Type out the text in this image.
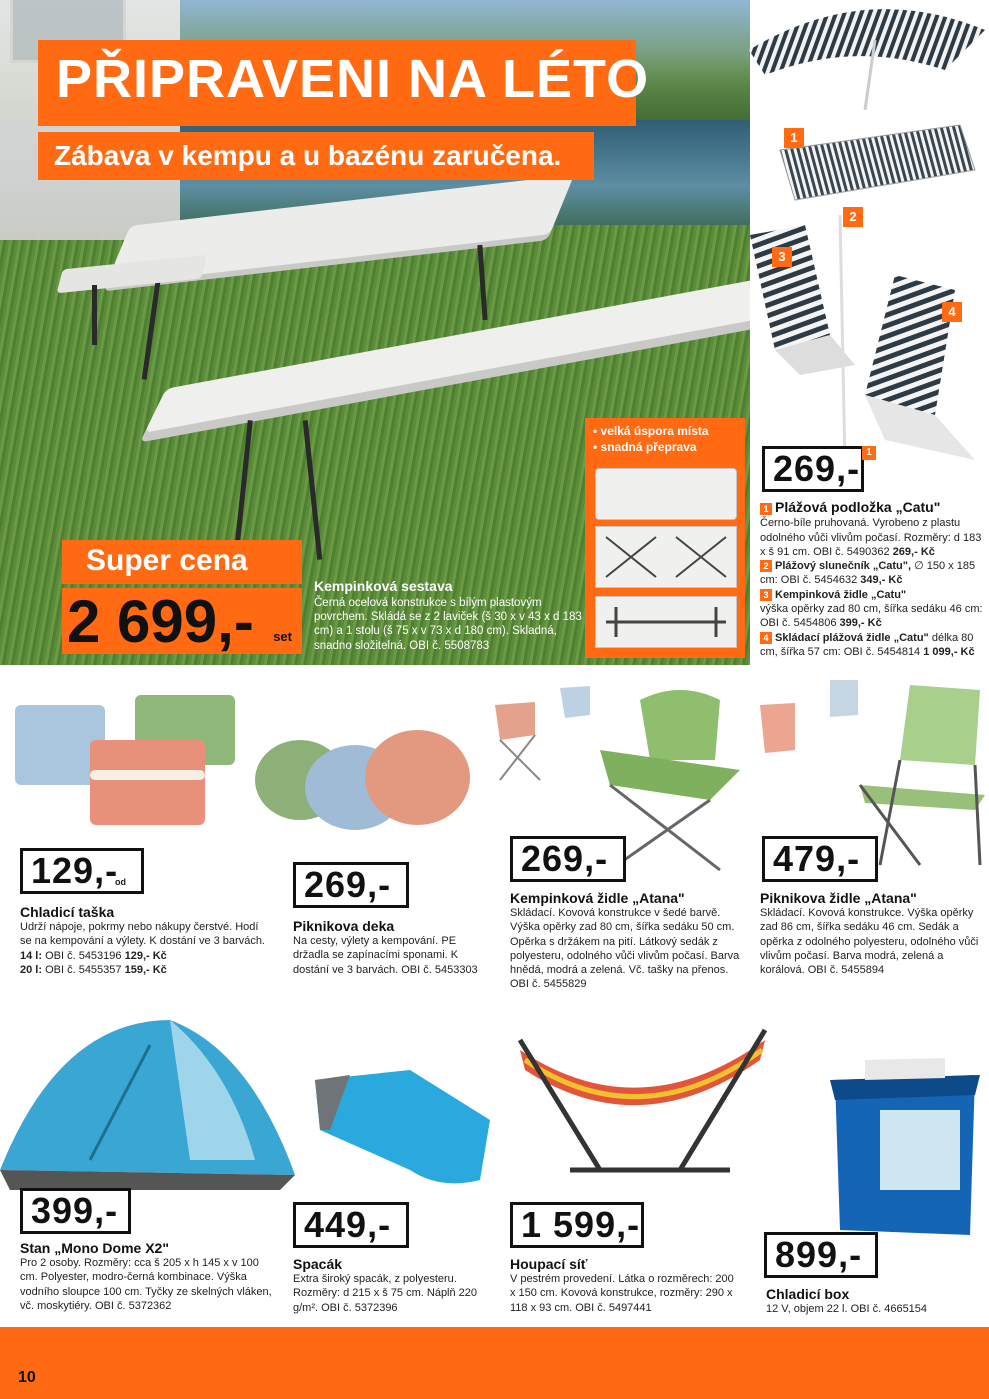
PŘIPRAVENI NA LÉTO
Zábava v kempu a u bazénu zaručena.
Super cena
2 699,- set
Kempinková sestava
Černá ocelová konstrukce s bílým plastovým povrchem. Skládá se z 2 laviček (š 30 x v 43 x d 183 cm) a 1 stolu (š 75 x v 73 x d 180 cm). Skladná, snadno složitelná. OBI č. 5508783
• velká úspora místa
• snadná přeprava
1
2
3
4
269,- 1
1 Plážová podložka „Catu"
Černo-bíle pruhovaná. Vyrobeno z plastu odolného vůči vlivům počasí. Rozměry: d 183 x š 91 cm. OBI č. 5490362 269,- Kč
2 Plážový slunečník „Catu", ∅ 150 x 185 cm: OBI č. 5454632 349,- Kč
3 Kempinková židle „Catu"
výška opěrky zad 80 cm, šířka sedáku 46 cm: OBI č. 5454806 399,- Kč
4 Skládací plážová židle „Catu" délka 80 cm, šířka 57 cm: OBI č. 5454814 1 099,- Kč
129,-
od
Chladicí taška
Udrží nápoje, pokrmy nebo nákupy čerstvé. Hodí se na kempování a výlety. K dostání ve 3 barvách.
14 l: OBI č. 5453196 129,- Kč
20 l: OBI č. 5455357 159,- Kč
269,-
Piknikova deka
Na cesty, výlety a kempování. PE držadla se zapínacími sponami. K dostání ve 3 barvách. OBI č. 5453303
269,-
Kempinková židle „Atana"
Skládací. Kovová konstrukce v šedé barvě. Výška opěrky zad 80 cm, šířka sedáku 50 cm. Opěrka s držákem na pití. Látkový sedák z polyesteru, odolného vůči vlivům počasí. Barva hnědá, modrá a zelená. Vč. tašky na přenos. OBI č. 5455829
479,-
Piknikova židle „Atana"
Skládací. Kovová konstrukce. Výška opěrky zad 86 cm, šířka sedáku 46 cm. Sedák a opěrka z odolného polyesteru, odolného vůči vlivům počasí. Barva modrá, zelená a korálová. OBI č. 5455894
399,-
Stan „Mono Dome X2"
Pro 2 osoby. Rozměry: cca š 205 x h 145 x v 100 cm. Polyester, modro-černá kombinace. Výška vodního sloupce 100 cm. Tyčky ze skelných vláken, vč. moskytiéry. OBI č. 5372362
449,-
Spacák
Extra široký spacák, z polyesteru. Rozměry: d 215 x š 75 cm. Náplň 220 g/m². OBI č. 5372396
1 599,-
Houpací síť
V pestrém provedení. Látka o rozměrech: 200 x 150 cm. Kovová konstrukce, rozměry: 290 x 118 x 93 cm. OBI č. 5497441
899,-
Chladicí box
12 V, objem 22 l. OBI č. 4665154
10
